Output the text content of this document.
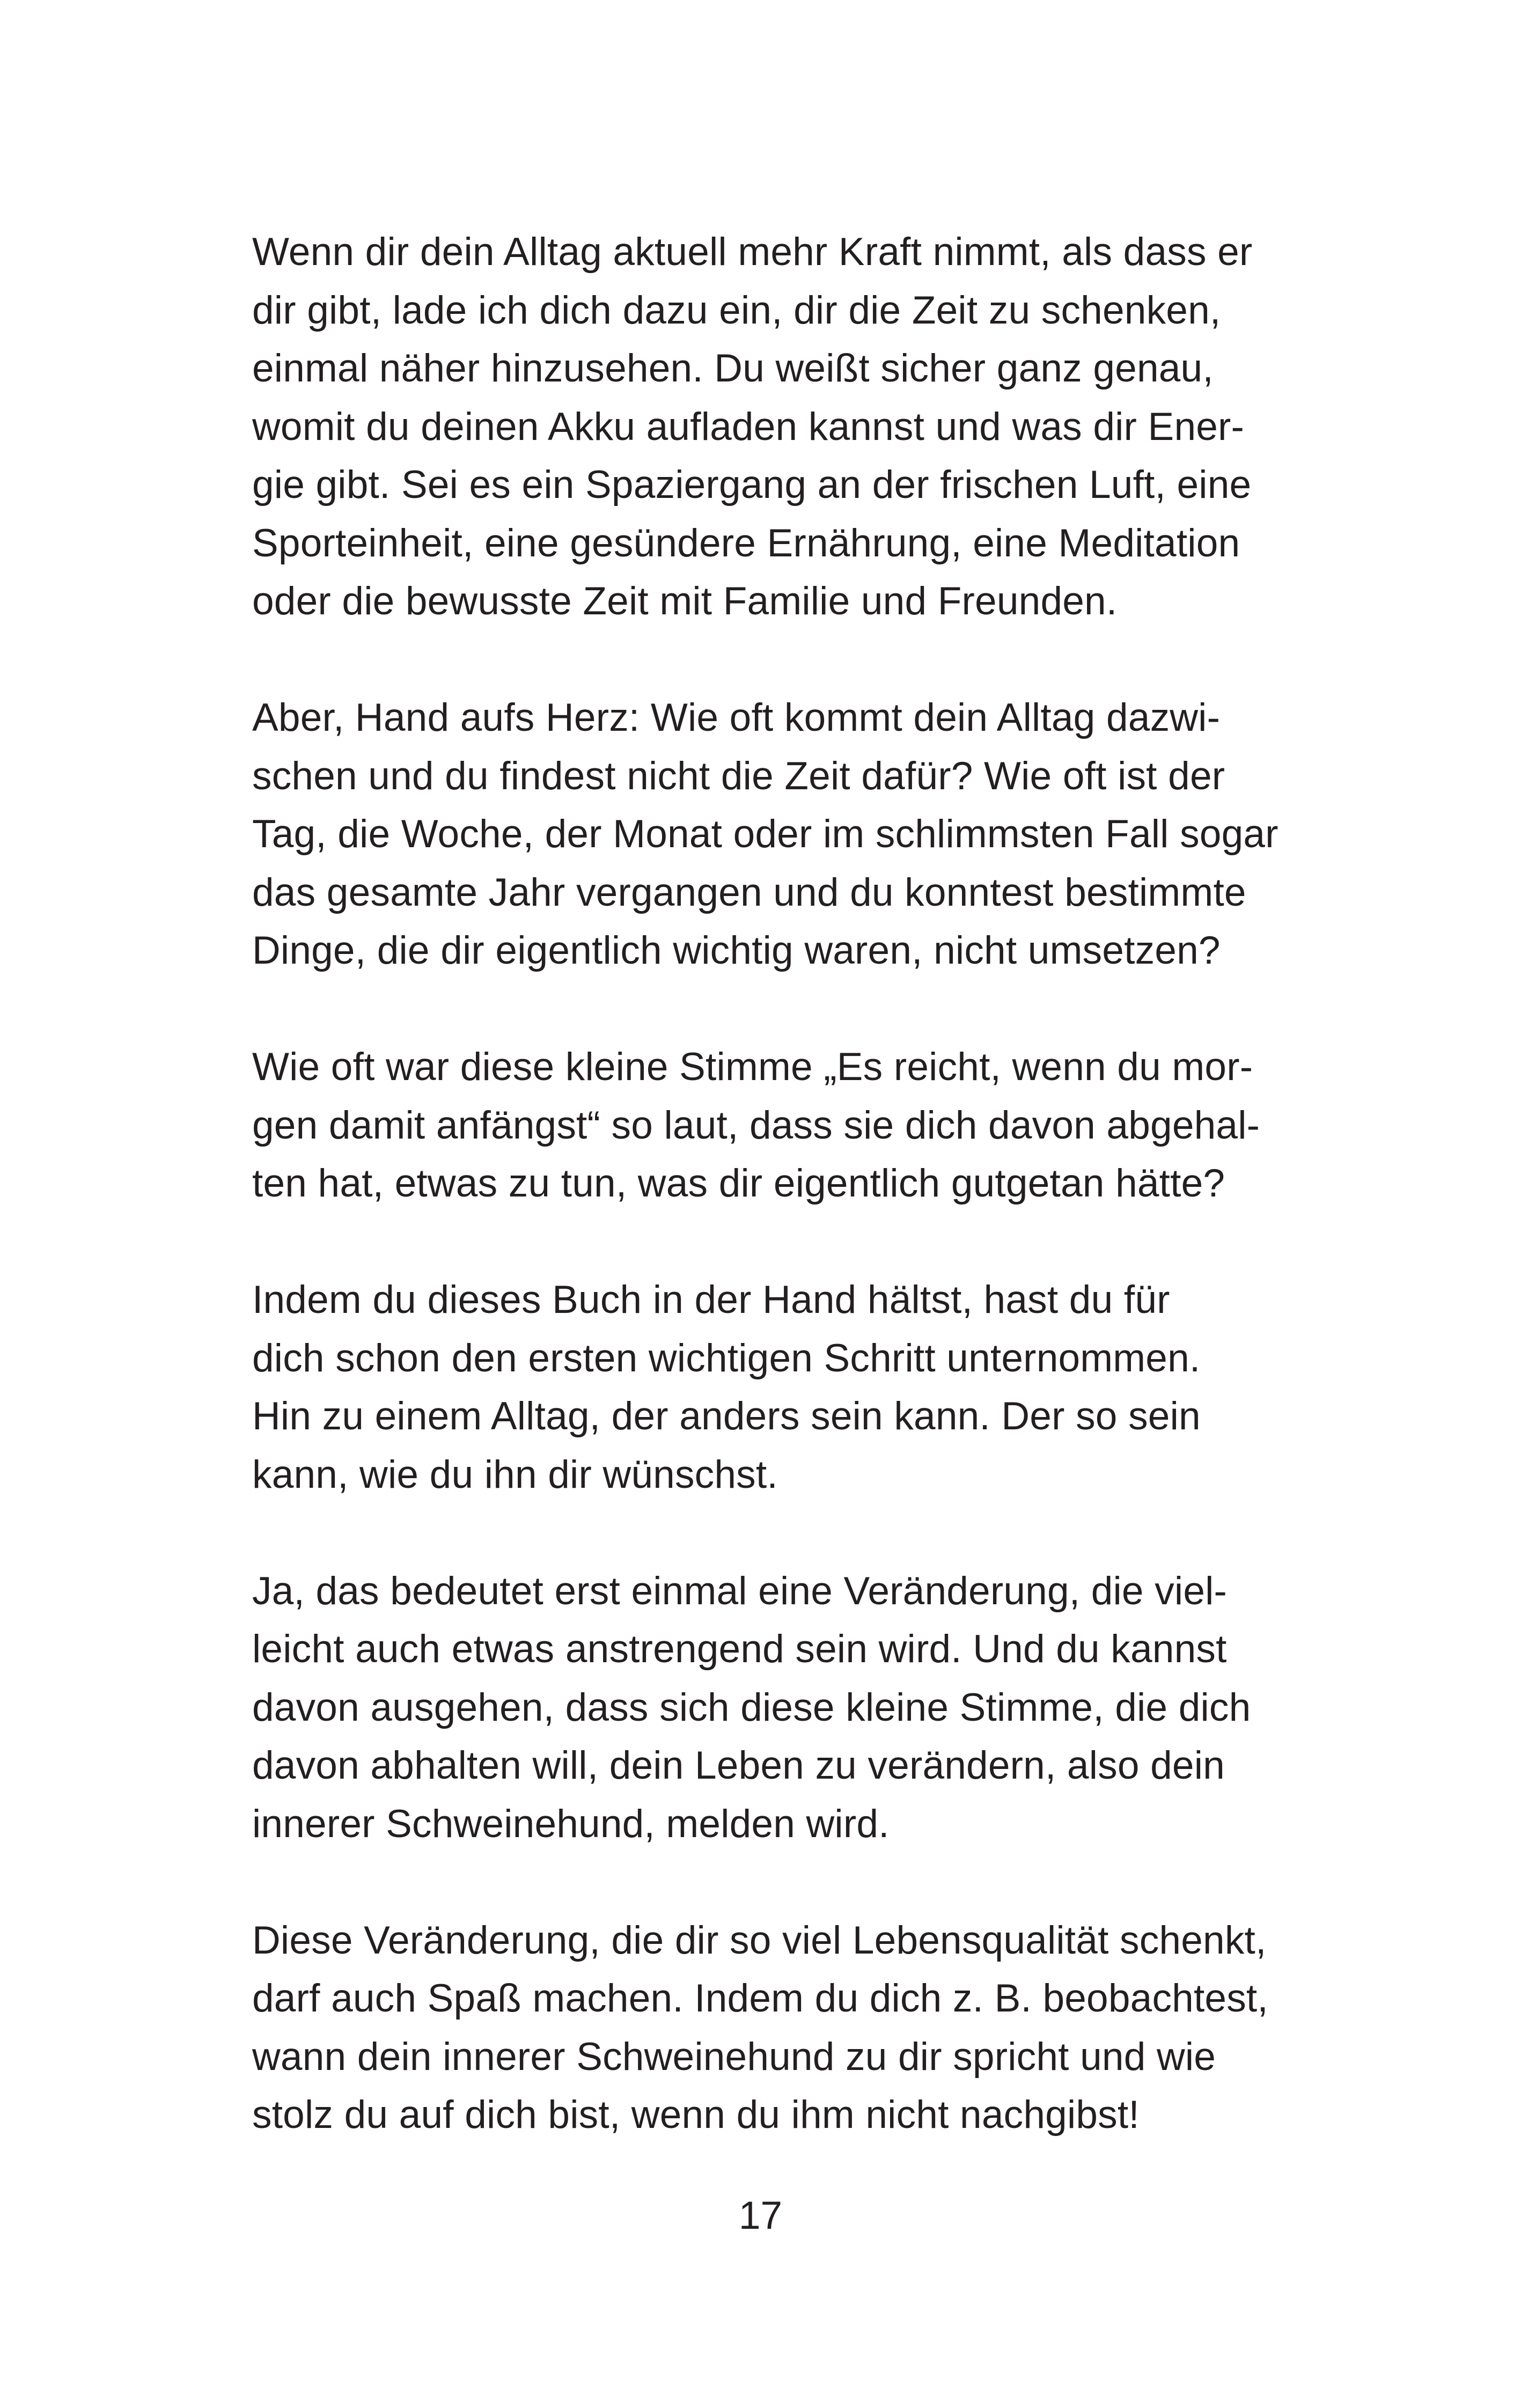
Wenn dir dein Alltag aktuell mehr Kraft nimmt, als dass er
dir gibt, lade ich dich dazu ein, dir die Zeit zu schenken,
einmal näher hinzusehen. Du weißt sicher ganz genau,
womit du deinen Akku aufladen kannst und was dir Ener-
gie gibt. Sei es ein Spaziergang an der frischen Luft, eine
Sporteinheit, eine gesündere Ernährung, eine Meditation
oder die bewusste Zeit mit Familie und Freunden.
Aber, Hand aufs Herz: Wie oft kommt dein Alltag dazwi-
schen und du findest nicht die Zeit dafür? Wie oft ist der
Tag, die Woche, der Monat oder im schlimmsten Fall sogar
das gesamte Jahr vergangen und du konntest bestimmte
Dinge, die dir eigentlich wichtig waren, nicht umsetzen?
Wie oft war diese kleine Stimme „Es reicht, wenn du mor-
gen damit anfängst“ so laut, dass sie dich davon abgehal-
ten hat, etwas zu tun, was dir eigentlich gutgetan hätte?
Indem du dieses Buch in der Hand hältst, hast du für
dich schon den ersten wichtigen Schritt unternommen.
Hin zu einem Alltag, der anders sein kann. Der so sein
kann, wie du ihn dir wünschst.
Ja, das bedeutet erst einmal eine Veränderung, die viel-
leicht auch etwas anstrengend sein wird. Und du kannst
davon ausgehen, dass sich diese kleine Stimme, die dich
davon abhalten will, dein Leben zu verändern, also dein
innerer Schweinehund, melden wird.
Diese Veränderung, die dir so viel Lebensqualität schenkt,
darf auch Spaß machen. Indem du dich z. B. beobachtest,
wann dein innerer Schweinehund zu dir spricht und wie
stolz du auf dich bist, wenn du ihm nicht nachgibst!
17
